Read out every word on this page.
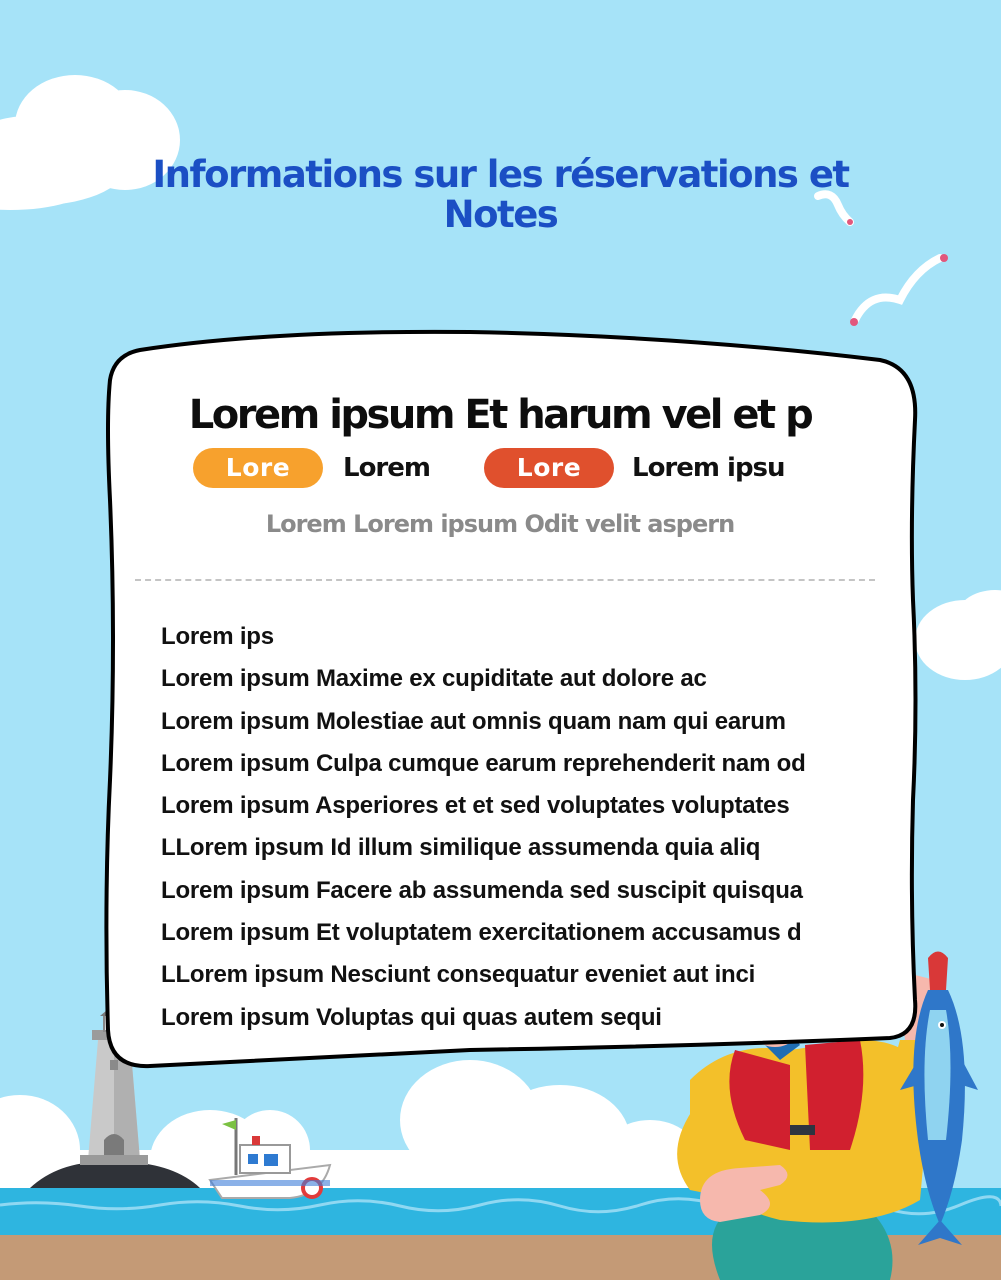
Informations sur les réservations et
Notes
Lorem ipsum Et harum vel et p
Lore	Lorem	Lore	Lorem ipsu
Lorem Lorem ipsum Odit velit aspern
Lorem ips
Lorem ipsum Maxime ex cupiditate aut dolore ac
Lorem ipsum Molestiae aut omnis quam nam qui earum
Lorem ipsum Culpa cumque earum reprehenderit nam od
Lorem ipsum Asperiores et et sed voluptates voluptates
LLorem ipsum Id illum similique assumenda quia aliq
Lorem ipsum Facere ab assumenda sed suscipit quisqua
Lorem ipsum Et voluptatem exercitationem accusamus d
LLorem ipsum Nesciunt consequatur eveniet aut inci
Lorem ipsum Voluptas qui quas autem sequi
